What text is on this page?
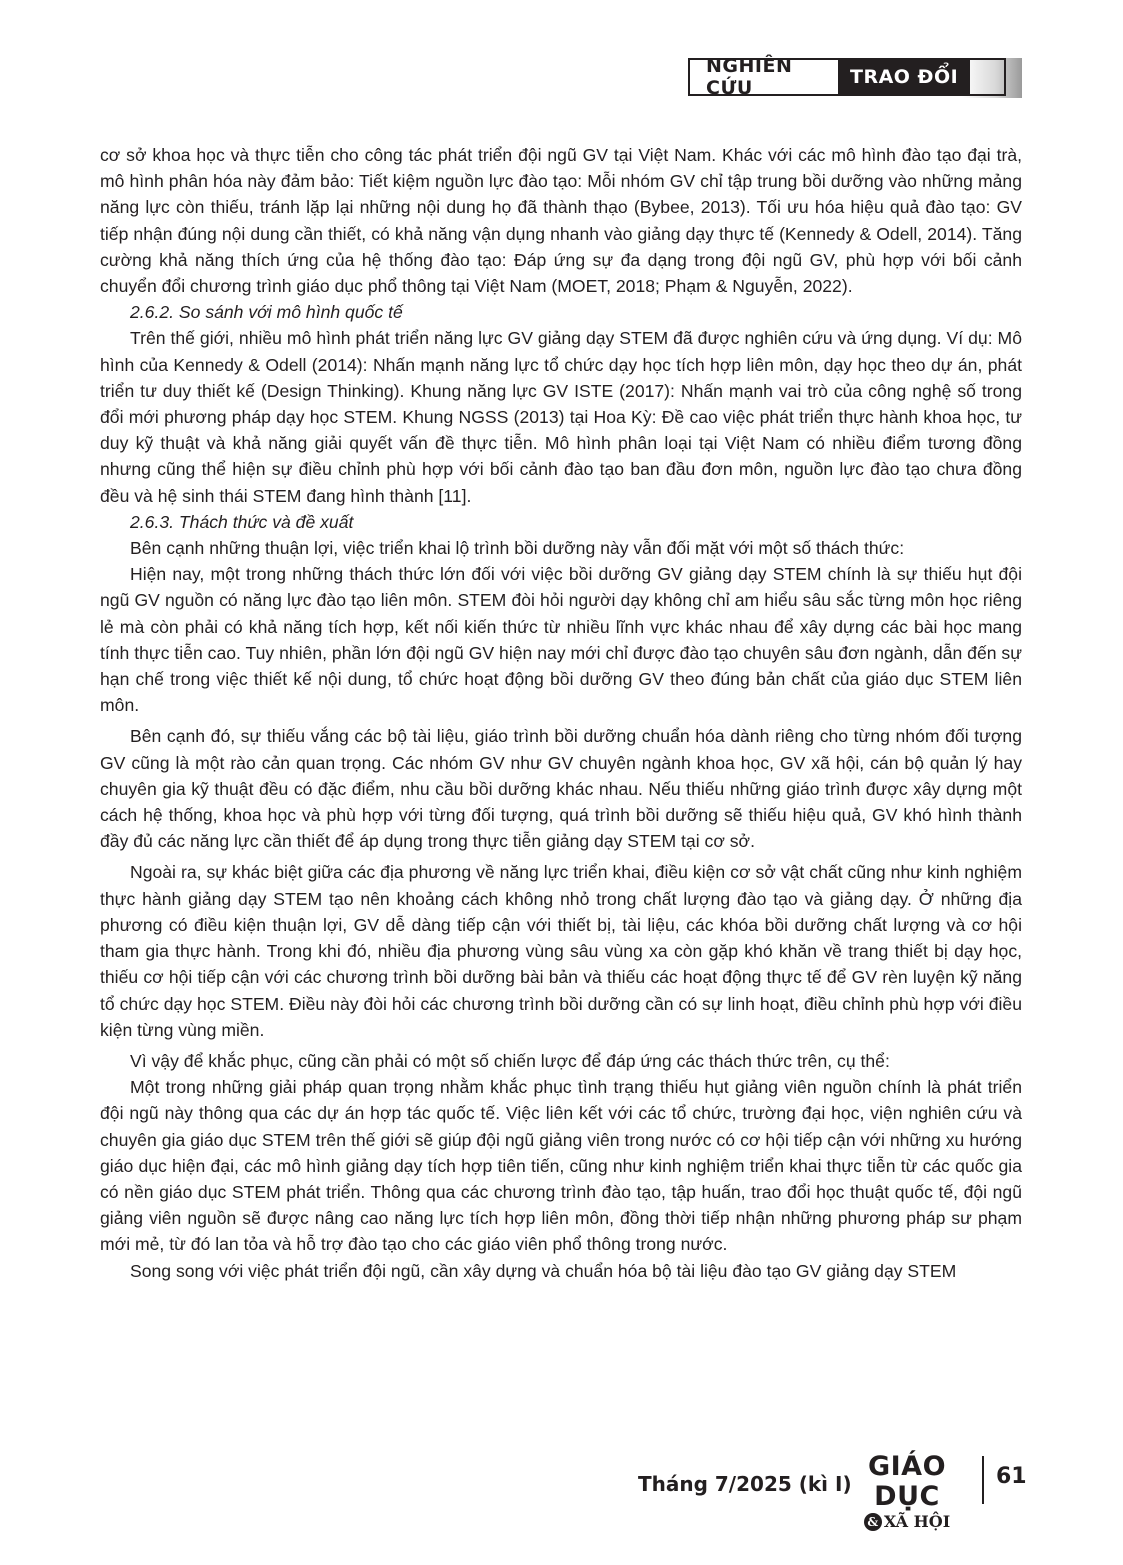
NGHIÊN CỨU	TRAO ĐỔI

cơ sở khoa học và thực tiễn cho công tác phát triển đội ngũ GV tại Việt Nam. Khác với các mô hình đào tạo đại trà, mô hình phân hóa này đảm bảo: Tiết kiệm nguồn lực đào tạo: Mỗi nhóm GV chỉ tập trung bồi dưỡng vào những mảng năng lực còn thiếu, tránh lặp lại những nội dung họ đã thành thạo (Bybee, 2013). Tối ưu hóa hiệu quả đào tạo: GV tiếp nhận đúng nội dung cần thiết, có khả năng vận dụng nhanh vào giảng dạy thực tế (Kennedy & Odell, 2014). Tăng cường khả năng thích ứng của hệ thống đào tạo: Đáp ứng sự đa dạng trong đội ngũ GV, phù hợp với bối cảnh chuyển đổi chương trình giáo dục phổ thông tại Việt Nam (MOET, 2018; Phạm & Nguyễn, 2022).

2.6.2. So sánh với mô hình quốc tế

Trên thế giới, nhiều mô hình phát triển năng lực GV giảng dạy STEM đã được nghiên cứu và ứng dụng. Ví dụ: Mô hình của Kennedy & Odell (2014): Nhấn mạnh năng lực tổ chức dạy học tích hợp liên môn, dạy học theo dự án, phát triển tư duy thiết kế (Design Thinking). Khung năng lực GV ISTE (2017): Nhấn mạnh vai trò của công nghệ số trong đổi mới phương pháp dạy học STEM. Khung NGSS (2013) tại Hoa Kỳ: Đề cao việc phát triển thực hành khoa học, tư duy kỹ thuật và khả năng giải quyết vấn đề thực tiễn. Mô hình phân loại tại Việt Nam có nhiều điểm tương đồng nhưng cũng thể hiện sự điều chỉnh phù hợp với bối cảnh đào tạo ban đầu đơn môn, nguồn lực đào tạo chưa đồng đều và hệ sinh thái STEM đang hình thành [11].

2.6.3. Thách thức và đề xuất

Bên cạnh những thuận lợi, việc triển khai lộ trình bồi dưỡng này vẫn đối mặt với một số thách thức:

Hiện nay, một trong những thách thức lớn đối với việc bồi dưỡng GV giảng dạy STEM chính là sự thiếu hụt đội ngũ GV nguồn có năng lực đào tạo liên môn. STEM đòi hỏi người dạy không chỉ am hiểu sâu sắc từng môn học riêng lẻ mà còn phải có khả năng tích hợp, kết nối kiến thức từ nhiều lĩnh vực khác nhau để xây dựng các bài học mang tính thực tiễn cao. Tuy nhiên, phần lớn đội ngũ GV hiện nay mới chỉ được đào tạo chuyên sâu đơn ngành, dẫn đến sự hạn chế trong việc thiết kế nội dung, tổ chức hoạt động bồi dưỡng GV theo đúng bản chất của giáo dục STEM liên môn.

Bên cạnh đó, sự thiếu vắng các bộ tài liệu, giáo trình bồi dưỡng chuẩn hóa dành riêng cho từng nhóm đối tượng GV cũng là một rào cản quan trọng. Các nhóm GV như GV chuyên ngành khoa học, GV xã hội, cán bộ quản lý hay chuyên gia kỹ thuật đều có đặc điểm, nhu cầu bồi dưỡng khác nhau. Nếu thiếu những giáo trình được xây dựng một cách hệ thống, khoa học và phù hợp với từng đối tượng, quá trình bồi dưỡng sẽ thiếu hiệu quả, GV khó hình thành đầy đủ các năng lực cần thiết để áp dụng trong thực tiễn giảng dạy STEM tại cơ sở.

Ngoài ra, sự khác biệt giữa các địa phương về năng lực triển khai, điều kiện cơ sở vật chất cũng như kinh nghiệm thực hành giảng dạy STEM tạo nên khoảng cách không nhỏ trong chất lượng đào tạo và giảng dạy. Ở những địa phương có điều kiện thuận lợi, GV dễ dàng tiếp cận với thiết bị, tài liệu, các khóa bồi dưỡng chất lượng và cơ hội tham gia thực hành. Trong khi đó, nhiều địa phương vùng sâu vùng xa còn gặp khó khăn về trang thiết bị dạy học, thiếu cơ hội tiếp cận với các chương trình bồi dưỡng bài bản và thiếu các hoạt động thực tế để GV rèn luyện kỹ năng tổ chức dạy học STEM. Điều này đòi hỏi các chương trình bồi dưỡng cần có sự linh hoạt, điều chỉnh phù hợp với điều kiện từng vùng miền.

Vì vậy để khắc phục, cũng cần phải có một số chiến lược để đáp ứng các thách thức trên, cụ thể:

Một trong những giải pháp quan trọng nhằm khắc phục tình trạng thiếu hụt giảng viên nguồn chính là phát triển đội ngũ này thông qua các dự án hợp tác quốc tế. Việc liên kết với các tổ chức, trường đại học, viện nghiên cứu và chuyên gia giáo dục STEM trên thế giới sẽ giúp đội ngũ giảng viên trong nước có cơ hội tiếp cận với những xu hướng giáo dục hiện đại, các mô hình giảng dạy tích hợp tiên tiến, cũng như kinh nghiệm triển khai thực tiễn từ các quốc gia có nền giáo dục STEM phát triển. Thông qua các chương trình đào tạo, tập huấn, trao đổi học thuật quốc tế, đội ngũ giảng viên nguồn sẽ được nâng cao năng lực tích hợp liên môn, đồng thời tiếp nhận những phương pháp sư phạm mới mẻ, từ đó lan tỏa và hỗ trợ đào tạo cho các giáo viên phổ thông trong nước.

Song song với việc phát triển đội ngũ, cần xây dựng và chuẩn hóa bộ tài liệu đào tạo GV giảng dạy STEM

Tháng 7/2025 (kì I)
GIÁO DỤC
& XÃ HỘI
61
